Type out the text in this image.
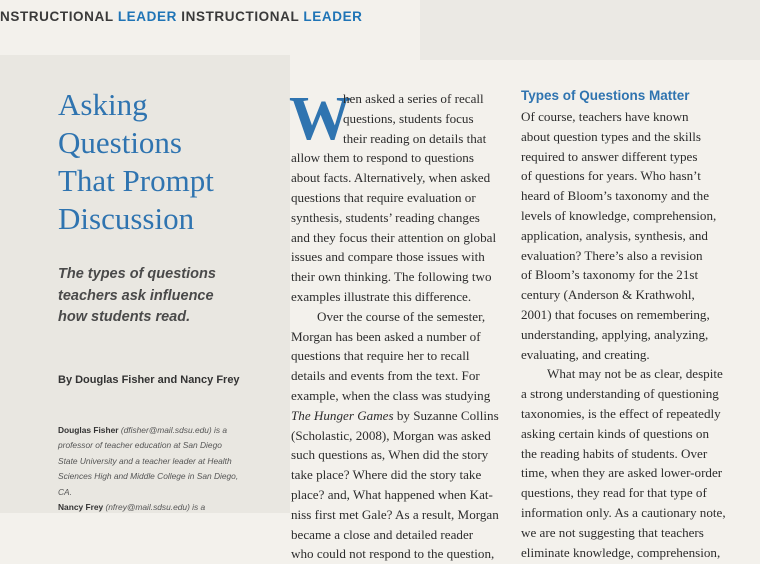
NSTRUCTIONAL LEADER INSTRUCTIONAL LEADER
Asking
Questions
That Prompt
Discussion
The types of questions
teachers ask influence
how students read.
By Douglas Fisher and Nancy Frey
Douglas Fisher (dfisher@mail.sdsu.edu) is a
professor of teacher education at San Diego
State University and a teacher leader at Health
Sciences High and Middle College in San Diego,
CA.
Nancy Frey (nfrey@mail.sdsu.edu) is a
W
hen asked a series of recall
questions, students focus
their reading on details that
allow them to respond to questions
about facts. Alternatively, when asked
questions that require evaluation or
synthesis, students’ reading changes
and they focus their attention on global
issues and compare those issues with
their own thinking. The following two
examples illustrate this difference.
Over the course of the semester,
Morgan has been asked a number of
questions that require her to recall
details and events from the text. For
example, when the class was studying
The Hunger Games by Suzanne Collins
(Scholastic, 2008), Morgan was asked
such questions as, When did the story
take place? Where did the story take
place? and, What happened when Kat-
niss first met Gale? As a result, Morgan
became a close and detailed reader
who could not respond to the question,
Types of Questions Matter
Of course, teachers have known
about question types and the skills
required to answer different types
of questions for years. Who hasn’t
heard of Bloom’s taxonomy and the
levels of knowledge, comprehension,
application, analysis, synthesis, and
evaluation? There’s also a revision
of Bloom’s taxonomy for the 21st
century (Anderson & Krathwohl,
2001) that focuses on remembering,
understanding, applying, analyzing,
evaluating, and creating.
What may not be as clear, despite
a strong understanding of questioning
taxonomies, is the effect of repeatedly
asking certain kinds of questions on
the reading habits of students. Over
time, when they are asked lower-order
questions, they read for that type of
information only. As a cautionary note,
we are not suggesting that teachers
eliminate knowledge, comprehension,
